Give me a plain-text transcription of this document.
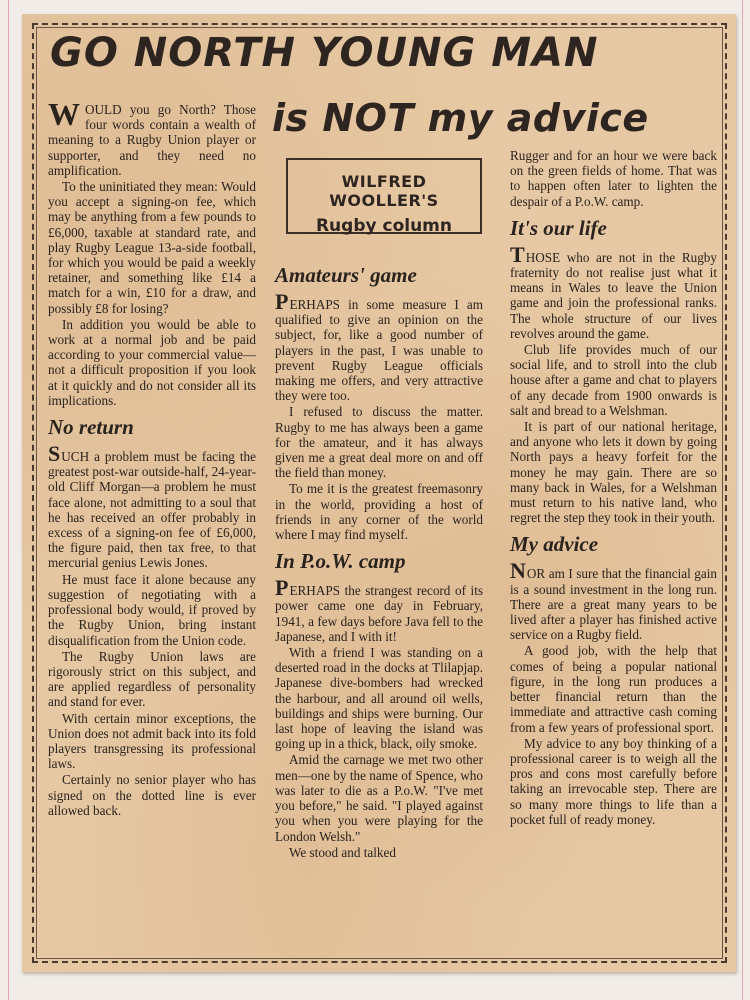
GO NORTH YOUNG MAN
is NOT my advice
WILFRED WOOLLER'S
Rugby column

WOULD you go North? Those four words contain a wealth of meaning to a Rugby Union player or supporter, and they need no amplification.

To the uninitiated they mean: Would you accept a signing-on fee, which may be anything from a few pounds to £6,000, taxable at standard rate, and play Rugby League 13-a-side football, for which you would be paid a weekly retainer, and something like £14 a match for a win, £10 for a draw, and possibly £8 for losing?

In addition you would be able to work at a normal job and be paid according to your commercial value—not a difficult proposition if you look at it quickly and do not consider all its implications.

No return

SUCH a problem must be facing the greatest post-war outside-half, 24-year-old Cliff Morgan—a problem he must face alone, not admitting to a soul that he has received an offer probably in excess of a signing-on fee of £6,000, the figure paid, then tax free, to that mercurial genius Lewis Jones.

He must face it alone because any suggestion of negotiating with a professional body would, if proved by the Rugby Union, bring instant disqualification from the Union code.

The Rugby Union laws are rigorously strict on this subject, and are applied regardless of personality and stand for ever.

With certain minor exceptions, the Union does not admit back into its fold players transgressing its professional laws.

Certainly no senior player who has signed on the dotted line is ever allowed back.

Amateurs' game

PERHAPS in some measure I am qualified to give an opinion on the subject, for, like a good number of players in the past, I was unable to prevent Rugby League officials making me offers, and very attractive they were too.

I refused to discuss the matter. Rugby to me has always been a game for the amateur, and it has always given me a great deal more on and off the field than money.

To me it is the greatest freemasonry in the world, providing a host of friends in any corner of the world where I may find myself.

In P.o.W. camp

PERHAPS the strangest record of its power came one day in February, 1941, a few days before Java fell to the Japanese, and I with it!

With a friend I was standing on a deserted road in the docks at Tlilapjap. Japanese dive-bombers had wrecked the harbour, and all around oil wells, buildings and ships were burning. Our last hope of leaving the island was going up in a thick, black, oily smoke.

Amid the carnage we met two other men—one by the name of Spence, who was later to die as a P.o.W. "I've met you before," he said. "I played against you when you were playing for the London Welsh."

We stood and talked

Rugger and for an hour we were back on the green fields of home. That was to happen often later to lighten the despair of a P.o.W. camp.

It's our life

THOSE who are not in the Rugby fraternity do not realise just what it means in Wales to leave the Union game and join the professional ranks. The whole structure of our lives revolves around the game.

Club life provides much of our social life, and to stroll into the club house after a game and chat to players of any decade from 1900 onwards is salt and bread to a Welshman.

It is part of our national heritage, and anyone who lets it down by going North pays a heavy forfeit for the money he may gain. There are so many back in Wales, for a Welshman must return to his native land, who regret the step they took in their youth.

My advice

NOR am I sure that the financial gain is a sound investment in the long run. There are a great many years to be lived after a player has finished active service on a Rugby field.

A good job, with the help that comes of being a popular national figure, in the long run produces a better financial return than the immediate and attractive cash coming from a few years of professional sport.

My advice to any boy thinking of a professional career is to weigh all the pros and cons most carefully before taking an irrevocable step. There are so many more things to life than a pocket full of ready money.
